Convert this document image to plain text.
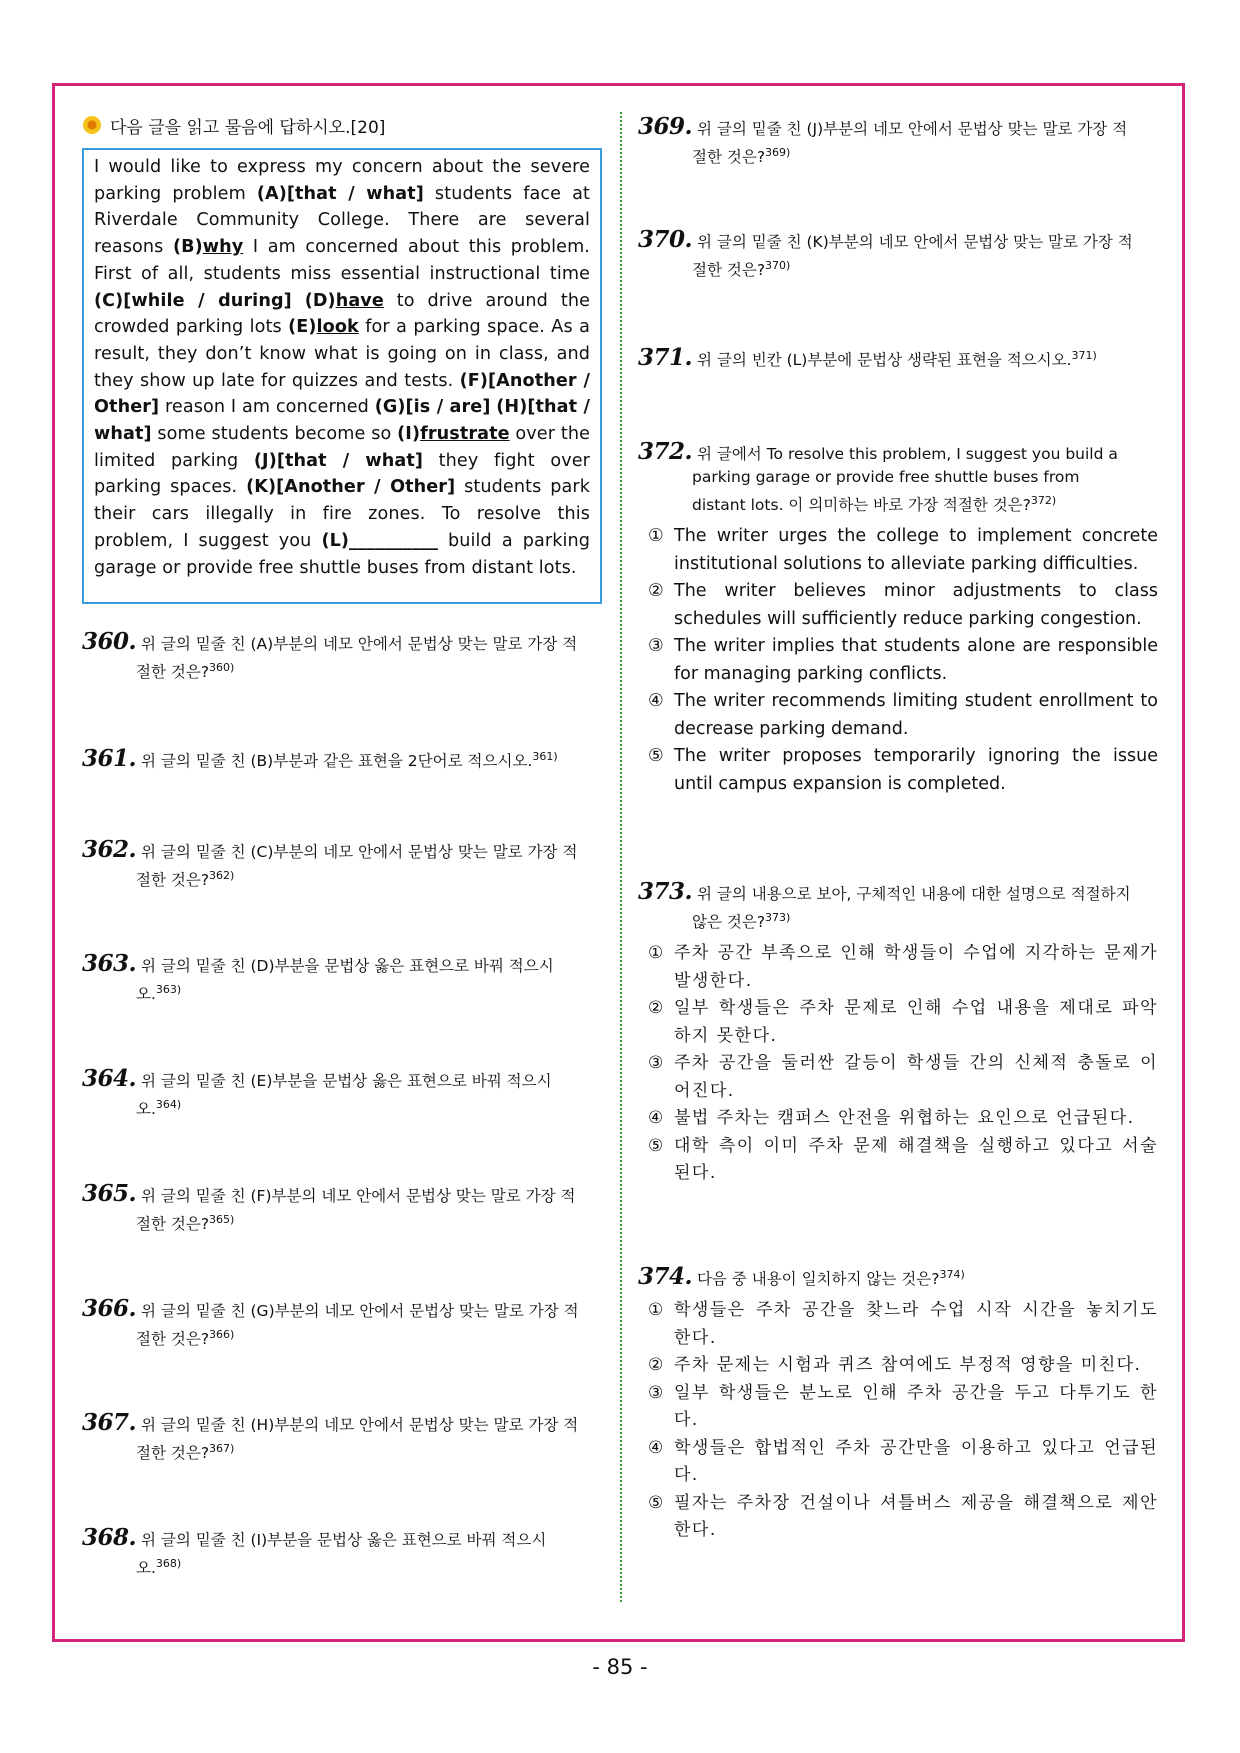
다음 글을 읽고 물음에 답하시오.[20]
I would like to express my concern about the severe parking problem (A)[that / what] students face at Riverdale Community College. There are several reasons (B)why I am concerned about this problem. First of all, students miss essential instructional time (C)[while / during] (D)have to drive around the crowded parking lots (E)look for a parking space. As a result, they don’t know what is going on in class, and they show up late for quizzes and tests. (F)[Another / Other] reason I am concerned (G)[is / are] (H)[that / what] some students become so (I)frustrate over the limited parking (J)[that / what] they fight over parking spaces. (K)[Another / Other] students park their cars illegally in fire zones. To resolve this problem, I suggest you (L)__________ build a parking garage or provide free shuttle buses from distant lots.
360. 위 글의 밑줄 친 (A)부분의 네모 안에서 문법상 맞는 말로 가장 적
절한 것은?$^{360)}$
361. 위 글의 밑줄 친 (B)부분과 같은 표현을 2단어로 적으시오.$^{361)}$
362. 위 글의 밑줄 친 (C)부분의 네모 안에서 문법상 맞는 말로 가장 적
절한 것은?$^{362)}$
363. 위 글의 밑줄 친 (D)부분을 문법상 옳은 표현으로 바꿔 적으시
오.$^{363)}$
364. 위 글의 밑줄 친 (E)부분을 문법상 옳은 표현으로 바꿔 적으시
오.$^{364)}$
365. 위 글의 밑줄 친 (F)부분의 네모 안에서 문법상 맞는 말로 가장 적
절한 것은?$^{365)}$
366. 위 글의 밑줄 친 (G)부분의 네모 안에서 문법상 맞는 말로 가장 적
절한 것은?$^{366)}$
367. 위 글의 밑줄 친 (H)부분의 네모 안에서 문법상 맞는 말로 가장 적
절한 것은?$^{367)}$
368. 위 글의 밑줄 친 (I)부분을 문법상 옳은 표현으로 바꿔 적으시
오.$^{368)}$
369. 위 글의 밑줄 친 (J)부분의 네모 안에서 문법상 맞는 말로 가장 적
절한 것은?$^{369)}$
370. 위 글의 밑줄 친 (K)부분의 네모 안에서 문법상 맞는 말로 가장 적
절한 것은?$^{370)}$
371. 위 글의 빈칸 (L)부분에 문법상 생략된 표현을 적으시오.$^{371)}$
372. 위 글에서 To resolve this problem, I suggest you build a
parking garage or provide free shuttle buses from
distant lots. 이 의미하는 바로 가장 적절한 것은?$^{372)}$
① The writer urges the college to implement concrete institutional solutions to alleviate parking difficulties.
② The writer believes minor adjustments to class schedules will sufficiently reduce parking congestion.
③ The writer implies that students alone are responsible for managing parking conflicts.
④ The writer recommends limiting student enrollment to decrease parking demand.
⑤ The writer proposes temporarily ignoring the issue until campus expansion is completed.
373. 위 글의 내용으로 보아, 구체적인 내용에 대한 설명으로 적절하지
않은 것은?$^{373)}$
① 주차 공간 부족으로 인해 학생들이 수업에 지각하는 문제가 발생한다.
② 일부 학생들은 주차 문제로 인해 수업 내용을 제대로 파악하지 못한다.
③ 주차 공간을 둘러싼 갈등이 학생들 간의 신체적 충돌로 이어진다.
④ 불법 주차는 캠퍼스 안전을 위협하는 요인으로 언급된다.
⑤ 대학 측이 이미 주차 문제 해결책을 실행하고 있다고 서술된다.
374. 다음 중 내용이 일치하지 않는 것은?$^{374)}$
① 학생들은 주차 공간을 찾느라 수업 시작 시간을 놓치기도 한다.
② 주차 문제는 시험과 퀴즈 참여에도 부정적 영향을 미친다.
③ 일부 학생들은 분노로 인해 주차 공간을 두고 다투기도 한다.
④ 학생들은 합법적인 주차 공간만을 이용하고 있다고 언급된다.
⑤ 필자는 주차장 건설이나 셔틀버스 제공을 해결책으로 제안한다.
- 85 -
